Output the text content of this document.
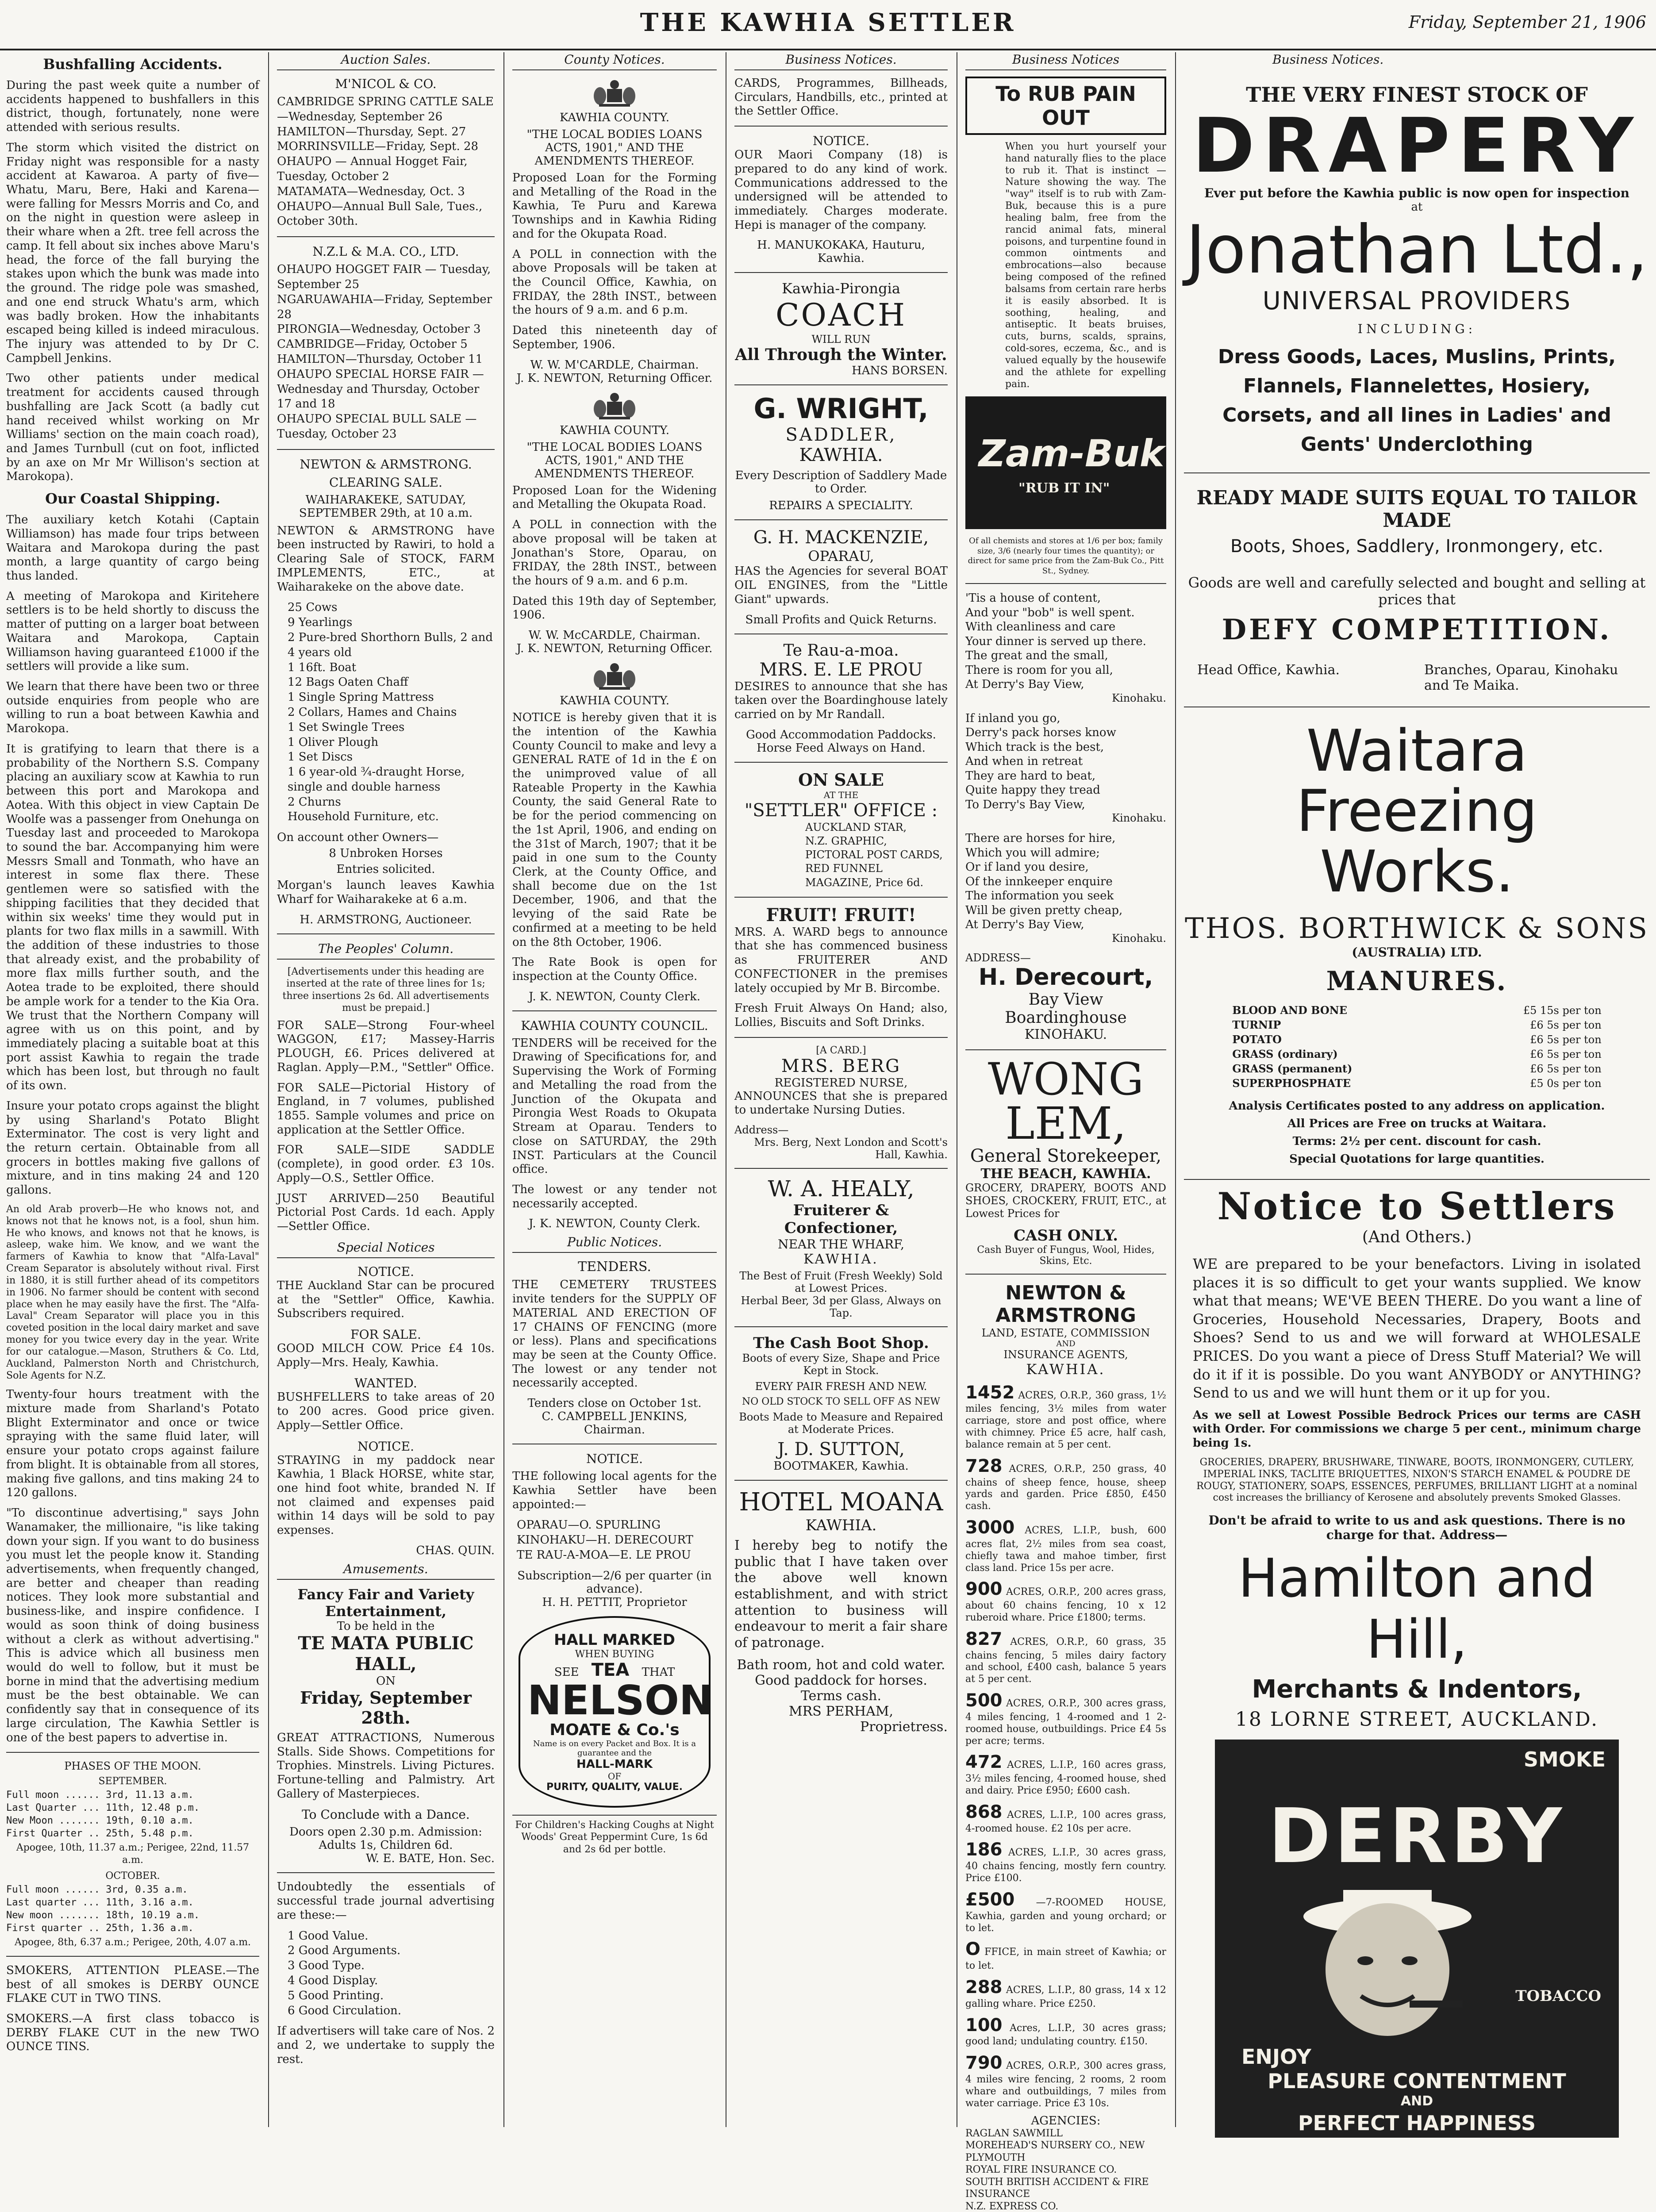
THE KAWHIA SETTLER	Friday, September 21, 1906
Bushfalling Accidents.

During the past week quite a number of accidents happened to bushfallers in this district, though, fortunately, none were attended with serious results.

The storm which visited the district on Friday night was responsible for a nasty accident at Kawaroa. A party of five—Whatu, Maru, Bere, Haki and Karena—were falling for Messrs Morris and Co, and on the night in question were asleep in their whare when a 2ft. tree fell across the camp. It fell about six inches above Maru's head, the force of the fall burying the stakes upon which the bunk was made into the ground. The ridge pole was smashed, and one end struck Whatu's arm, which was badly broken. How the inhabitants escaped being killed is indeed miraculous. The injury was attended to by Dr C. Campbell Jenkins.

Two other patients under medical treatment for accidents caused through bushfalling are Jack Scott (a badly cut hand received whilst working on Mr Williams' section on the main coach road), and James Turnbull (cut on foot, inflicted by an axe on Mr Mr Willison's section at Marokopa).

Our Coastal Shipping.

The auxiliary ketch Kotahi (Captain Williamson) has made four trips between Waitara and Marokopa during the past month, a large quantity of cargo being thus landed.

A meeting of Marokopa and Kiritehere settlers is to be held shortly to discuss the matter of putting on a larger boat between Waitara and Marokopa, Captain Williamson having guaranteed £1000 if the settlers will provide a like sum.

We learn that there have been two or three outside enquiries from people who are willing to run a boat between Kawhia and Marokopa.

It is gratifying to learn that there is a probability of the Northern S.S. Company placing an auxiliary scow at Kawhia to run between this port and Marokopa and Aotea. With this object in view Captain De Woolfe was a passenger from Onehunga on Tuesday last and proceeded to Marokopa to sound the bar. Accompanying him were Messrs Small and Tonmath, who have an interest in some flax there. These gentlemen were so satisfied with the shipping facilities that they decided that within six weeks' time they would put in plants for two flax mills in a sawmill. With the addition of these industries to those that already exist, and the probability of more flax mills further south, and the Aotea trade to be exploited, there should be ample work for a tender to the Kia Ora. We trust that the Northern Company will agree with us on this point, and by immediately placing a suitable boat at this port assist Kawhia to regain the trade which has been lost, but through no fault of its own.

Insure your potato crops against the blight by using Sharland's Potato Blight Exterminator. The cost is very light and the return certain. Obtainable from all grocers in bottles making five gallons of mixture, and in tins making 24 and 120 gallons.

An old Arab proverb—He who knows not, and knows not that he knows not, is a fool, shun him. He who knows, and knows not that he knows, is asleep, wake him. We know, and we want the farmers of Kawhia to know that "Alfa-Laval" Cream Separator is absolutely without rival. First in 1880, it is still further ahead of its competitors in 1906. No farmer should be content with second place when he may easily have the first. The "Alfa-Laval" Cream Separator will place you in this coveted position in the local dairy market and save money for you twice every day in the year. Write for our catalogue.—Mason, Struthers & Co. Ltd, Auckland, Palmerston North and Christchurch, Sole Agents for N.Z.

Twenty-four hours treatment with the mixture made from Sharland's Potato Blight Exterminator and once or twice spraying with the same fluid later, will ensure your potato crops against failure from blight. It is obtainable from all stores, making five gallons, and tins making 24 to 120 gallons.

"To discontinue advertising," says John Wanamaker, the millionaire, "is like taking down your sign. If you want to do business you must let the people know it. Standing advertisements, when frequently changed, are better and cheaper than reading notices. They look more substantial and business-like, and inspire confidence. I would as soon think of doing business without a clerk as without advertising." This is advice which all business men would do well to follow, but it must be borne in mind that the advertising medium must be the best obtainable. We can confidently say that in consequence of its large circulation, The Kawhia Settler is one of the best papers to advertise in.

PHASES OF THE MOON.
SEPTEMBER.
Full moon ...... 3rd, 11.13 a.m.
Last Quarter ... 11th, 12.48 p.m.
New Moon ....... 19th, 0.10 a.m.
First Quarter .. 25th, 5.48 p.m.
Apogee, 10th, 11.37 a.m.; Perigee, 22nd, 11.57 a.m.
OCTOBER.
Full moon ...... 3rd, 0.35 a.m.
Last quarter ... 11th, 3.16 a.m.
New moon ....... 18th, 10.19 a.m.
First quarter .. 25th, 1.36 a.m.
Apogee, 8th, 6.37 a.m.; Perigee, 20th, 4.07 a.m.

SMOKERS, ATTENTION PLEASE.—The best of all smokes is DERBY OUNCE FLAKE CUT in TWO TINS.

SMOKERS.—A first class tobacco is DERBY FLAKE CUT in the new TWO OUNCE TINS.

Auction Sales.
M'NICOL & CO.
CAMBRIDGE SPRING CATTLE SALE—Wednesday, September 26
HAMILTON—Thursday, Sept. 27
MORRINSVILLE—Friday, Sept. 28
OHAUPO — Annual Hogget Fair, Tuesday, October 2
MATAMATA—Wednesday, Oct. 3
OHAUPO—Annual Bull Sale, Tues., October 30th.
N.Z.L & M.A. CO., LTD.
OHAUPO HOGGET FAIR — Tuesday, September 25
NGARUAWAHIA—Friday, September 28
PIRONGIA—Wednesday, October 3
CAMBRIDGE—Friday, October 5
HAMILTON—Thursday, October 11
OHAUPO SPECIAL HORSE FAIR —Wednesday and Thursday, October 17 and 18
OHAUPO SPECIAL BULL SALE —Tuesday, October 23
NEWTON & ARMSTRONG.
CLEARING SALE.
WAIHARAKEKE, SATUDAY, SEPTEMBER 29th, at 10 a.m.

NEWTON & ARMSTRONG have been instructed by Rawiri, to hold a Clearing Sale of STOCK, FARM IMPLEMENTS, ETC., at Waiharakeke on the above date.

25 Cows
9 Yearlings
2 Pure-bred Shorthorn Bulls, 2 and 4 years old
1 16ft. Boat
12 Bags Oaten Chaff
1 Single Spring Mattress
2 Collars, Hames and Chains
1 Set Swingle Trees
1 Oliver Plough
1 Set Discs
1 6 year-old ¾-draught Horse, single and double harness
2 Churns
Household Furniture, etc.
On account other Owners—
8 Unbroken Horses
Entries solicited.

Morgan's launch leaves Kawhia Wharf for Waiharakeke at 6 a.m.

H. ARMSTRONG, Auctioneer.
The Peoples' Column.
[Advertisements under this heading are inserted at the rate of three lines for 1s; three insertions 2s 6d. All advertisements must be prepaid.]

FOR SALE—Strong Four-wheel WAGGON, £17; Massey-Harris PLOUGH, £6. Prices delivered at Raglan. Apply—P.M., "Settler" Office.

FOR SALE—Pictorial History of England, in 7 volumes, published 1855. Sample volumes and price on application at the Settler Office.

FOR SALE—SIDE SADDLE (complete), in good order. £3 10s. Apply—O.S., Settler Office.

JUST ARRIVED—250 Beautiful Pictorial Post Cards. 1d each. Apply—Settler Office.

Special Notices
NOTICE.

THE Auckland Star can be procured at the "Settler" Office, Kawhia. Subscribers required.

FOR SALE.

GOOD MILCH COW. Price £4 10s. Apply—Mrs. Healy, Kawhia.

WANTED.

BUSHFELLERS to take areas of 20 to 200 acres. Good price given. Apply—Settler Office.

NOTICE.

STRAYING in my paddock near Kawhia, 1 Black HORSE, white star, one hind foot white, branded N. If not claimed and expenses paid within 14 days will be sold to pay expenses.

CHAS. QUIN.
Amusements.
Fancy Fair and Variety Entertainment,
To be held in the
TE MATA PUBLIC HALL,
ON
Friday, September 28th.

GREAT ATTRACTIONS, Numerous Stalls. Side Shows. Competitions for Trophies. Minstrels. Living Pictures. Fortune-telling and Palmistry. Art Gallery of Masterpieces.

To Conclude with a Dance.
Doors open 2.30 p.m. Admission: Adults 1s, Children 6d.
W. E. BATE, Hon. Sec.

Undoubtedly the essentials of successful trade journal advertising are these:—

1 Good Value.
2 Good Arguments.
3 Good Type.
4 Good Display.
5 Good Printing.
6 Good Circulation.

If advertisers will take care of Nos. 2 and 2, we undertake to supply the rest.

County Notices.
KAWHIA COUNTY.
"THE LOCAL BODIES LOANS ACTS, 1901," AND THE AMENDMENTS THEREOF.

Proposed Loan for the Forming and Metalling of the Road in the Kawhia, Te Puru and Karewa Townships and in Kawhia Riding and for the Okupata Road.

A POLL in connection with the above Proposals will be taken at the Council Office, Kawhia, on FRIDAY, the 28th INST., between the hours of 9 a.m. and 6 p.m.

Dated this nineteenth day of September, 1906.

W. W. M'CARDLE, Chairman.
J. K. NEWTON, Returning Officer.
KAWHIA COUNTY.
"THE LOCAL BODIES LOANS ACTS, 1901," AND THE AMENDMENTS THEREOF.

Proposed Loan for the Widening and Metalling the Okupata Road.

A POLL in connection with the above proposal will be taken at Jonathan's Store, Oparau, on FRIDAY, the 28th INST., between the hours of 9 a.m. and 6 p.m.

Dated this 19th day of September, 1906.

W. W. McCARDLE, Chairman.
J. K. NEWTON, Returning Officer.
KAWHIA COUNTY.

NOTICE is hereby given that it is the intention of the Kawhia County Council to make and levy a GENERAL RATE of 1d in the £ on the unimproved value of all Rateable Property in the Kawhia County, the said General Rate to be for the period commencing on the 1st April, 1906, and ending on the 31st of March, 1907; that it be paid in one sum to the County Clerk, at the County Office, and shall become due on the 1st December, 1906, and that the levying of the said Rate be confirmed at a meeting to be held on the 8th October, 1906.

The Rate Book is open for inspection at the County Office.

J. K. NEWTON, County Clerk.
KAWHIA COUNTY COUNCIL.

TENDERS will be received for the Drawing of Specifications for, and Supervising the Work of Forming and Metalling the road from the Junction of the Okupata and Pirongia West Roads to Okupata Stream at Oparau. Tenders to close on SATURDAY, the 29th INST. Particulars at the Council office.

The lowest or any tender not necessarily accepted.

J. K. NEWTON, County Clerk.
Public Notices.
TENDERS.

THE CEMETERY TRUSTEES invite tenders for the SUPPLY OF MATERIAL AND ERECTION OF 17 CHAINS OF FENCING (more or less). Plans and specifications may be seen at the County Office. The lowest or any tender not necessarily accepted.

Tenders close on October 1st.
C. CAMPBELL JENKINS, Chairman.
NOTICE.

THE following local agents for the Kawhia Settler have been appointed:—

OPARAU—O. SPURLING
KINOHAKU—H. DERECOURT
TE RAU-A-MOA—E. LE PROU
Subscription—2/6 per quarter (in advance).
H. H. PETTIT, Proprietor
HALL MARKED
WHEN BUYING
SEE TEA THAT
NELSON
MOATE & Co.'s
Name is on every Packet and Box. It is a guarantee and the
HALL-MARK
OF
PURITY, QUALITY, VALUE.
For Children's Hacking Coughs at Night Woods' Great Peppermint Cure, 1s 6d and 2s 6d per bottle.
Business Notices.

CARDS, Programmes, Billheads, Circulars, Handbills, etc., printed at the Settler Office.

NOTICE.

OUR Maori Company (18) is prepared to do any kind of work. Communications addressed to the undersigned will be attended to immediately. Charges moderate. Hepi is manager of the company.

H. MANUKOKAKA, Hauturu, Kawhia.
Kawhia-Pirongia
COACH
WILL RUN
All Through the Winter.
HANS BORSEN.
G. WRIGHT,
SADDLER,
KAWHIA.
Every Description of Saddlery Made to Order.
REPAIRS A SPECIALITY.
G. H. MACKENZIE,
OPARAU,

HAS the Agencies for several BOAT OIL ENGINES, from the "Little Giant" upwards.

Small Profits and Quick Returns.
Te Rau-a-moa.
MRS. E. LE PROU

DESIRES to announce that she has taken over the Boardinghouse lately carried on by Mr Randall.

Good Accommodation Paddocks.
Horse Feed Always on Hand.
ON SALE
AT THE
"SETTLER" OFFICE :
AUCKLAND STAR,
N.Z. GRAPHIC,
PICTORAL POST CARDS,
RED FUNNEL MAGAZINE, Price 6d.
FRUIT! FRUIT!

MRS. A. WARD begs to announce that she has commenced business as FRUITERER AND CONFECTIONER in the premises lately occupied by Mr B. Bircombe.

Fresh Fruit Always On Hand; also, Lollies, Biscuits and Soft Drinks.

[A CARD.]
MRS. BERG
REGISTERED NURSE,

ANNOUNCES that she is prepared to undertake Nursing Duties.

Address—
Mrs. Berg, Next London and Scott's Hall, Kawhia.
W. A. HEALY,
Fruiterer & Confectioner,
NEAR THE WHARF,
KAWHIA.
The Best of Fruit (Fresh Weekly) Sold at Lowest Prices.
Herbal Beer, 3d per Glass, Always on Tap.
The Cash Boot Shop.
Boots of every Size, Shape and Price Kept in Stock.
EVERY PAIR FRESH AND NEW.
NO OLD STOCK TO SELL OFF AS NEW
Boots Made to Measure and Repaired at Moderate Prices.
J. D. SUTTON,
BOOTMAKER, Kawhia.
HOTEL MOANA
KAWHIA.

I hereby beg to notify the public that I have taken over the above well known establishment, and with strict attention to business will endeavour to merit a fair share of patronage.

Bath room, hot and cold water.
Good paddock for horses.
Terms cash.
MRS PERHAM,
Proprietress.
Business Notices
To RUB PAIN OUT

When you hurt yourself your hand naturally flies to the place to rub it. That is instinct — Nature showing the way. The "way" itself is to rub with Zam-Buk, because this is a pure healing balm, free from the rancid animal fats, mineral poisons, and turpentine found in common ointments and embrocations—also because being composed of the refined balsams from certain rare herbs it is easily absorbed. It is soothing, healing, and antiseptic. It beats bruises, cuts, burns, scalds, sprains, cold-sores, eczema, &c., and is valued equally by the housewife and the athlete for expelling pain.

Zam-Buk
"RUB IT IN"
Of all chemists and stores at 1/6 per box; family size, 3/6 (nearly four times the quantity); or direct for same price from the Zam-Buk Co., Pitt St., Sydney.
'Tis a house of content,
And your "bob" is well spent.
With cleanliness and care
Your dinner is served up there.
The great and the small,
There is room for you all,
At Derry's Bay View,
Kinohaku.
If inland you go,
Derry's pack horses know
Which track is the best,
And when in retreat
They are hard to beat,
Quite happy they tread
To Derry's Bay View,
Kinohaku.
There are horses for hire,
Which you will admire;
Or if land you desire,
Of the innkeeper enquire
The information you seek
Will be given pretty cheap,
At Derry's Bay View,
Kinohaku.
ADDRESS—
H. Derecourt,
Bay View Boardinghouse
KINOHAKU.
WONG LEM,
General Storekeeper,
THE BEACH, KAWHIA.

GROCERY, DRAPERY, BOOTS AND SHOES, CROCKERY, FRUIT, ETC., at Lowest Prices for

CASH ONLY.
Cash Buyer of Fungus, Wool, Hides, Skins, Etc.
NEWTON & ARMSTRONG
LAND, ESTATE, COMMISSION
AND
INSURANCE AGENTS,
KAWHIA.

1452 ACRES, O.R.P., 360 grass, 1½ miles fencing, 3½ miles from water carriage, store and post office, where with chimney. Price £5 acre, half cash, balance remain at 5 per cent.

728 ACRES, O.R.P., 250 grass, 40 chains of sheep fence, house, sheep yards and garden. Price £850, £450 cash.

3000 ACRES, L.I.P., bush, 600 acres flat, 2½ miles from sea coast, chiefly tawa and mahoe timber, first class land. Price 15s per acre.

900 ACRES, O.R.P., 200 acres grass, about 60 chains fencing, 10 x 12 ruberoid whare. Price £1800; terms.

827 ACRES, O.R.P., 60 grass, 35 chains fencing, 5 miles dairy factory and school, £400 cash, balance 5 years at 5 per cent.

500 ACRES, O.R.P., 300 acres grass, 4 miles fencing, 1 4-roomed and 1 2-roomed house, outbuildings. Price £4 5s per acre; terms.

472 ACRES, L.I.P., 160 acres grass, 3½ miles fencing, 4-roomed house, shed and dairy. Price £950; £600 cash.

868 ACRES, L.I.P., 100 acres grass, 4-roomed house. £2 10s per acre.

186 ACRES, L.I.P., 30 acres grass, 40 chains fencing, mostly fern country. Price £100.

£500 —7-ROOMED HOUSE, Kawhia, garden and young orchard; or to let.

O FFICE, in main street of Kawhia; or to let.

288 ACRES, L.I.P., 80 grass, 14 x 12 galling whare. Price £250.

100 Acres, L.I.P., 30 acres grass; good land; undulating country. £150.

790 ACRES, O.R.P., 300 acres grass, 4 miles wire fencing, 2 rooms, 2 room whare and outbuildings, 7 miles from water carriage. Price £3 10s.

AGENCIES:
RAGLAN SAWMILL
MOREHEAD'S NURSERY CO., NEW PLYMOUTH
ROYAL FIRE INSURANCE CO.
SOUTH BRITISH ACCIDENT & FIRE INSURANCE
N.Z. EXPRESS CO.
Business Notices.
THE VERY FINEST STOCK OF
DRAPERY
Ever put before the Kawhia public is now open for inspection
at
Jonathan Ltd.,
UNIVERSAL PROVIDERS
INCLUDING:
Dress Goods, Laces, Muslins, Prints, Flannels, Flannelettes, Hosiery, Corsets, and all lines in Ladies' and Gents' Underclothing
READY MADE SUITS EQUAL TO TAILOR MADE
Boots, Shoes, Saddlery, Ironmongery, etc.
Goods are well and carefully selected and bought and selling at prices that
DEFY COMPETITION.
Head Office, Kawhia.	Branches, Oparau, Kinohaku and Te Maika.
Waitara Freezing
Works.
THOS. BORTHWICK & SONS
(AUSTRALIA) LTD.
MANURES.
BLOOD AND BONE	£5 15s per ton
TURNIP	£6 5s per ton
POTATO	£6 5s per ton
GRASS (ordinary)	£6 5s per ton
GRASS (permanent)	£6 5s per ton
SUPERPHOSPHATE	£5 0s per ton
Analysis Certificates posted to any address on application.
All Prices are Free on trucks at Waitara.
Terms: 2½ per cent. discount for cash.
Special Quotations for large quantities.
Notice to Settlers
(And Others.)

WE are prepared to be your benefactors. Living in isolated places it is so difficult to get your wants supplied. We know what that means; WE'VE BEEN THERE. Do you want a line of Groceries, Household Necessaries, Drapery, Boots and Shoes? Send to us and we will forward at WHOLESALE PRICES. Do you want a piece of Dress Stuff Material? We will do it if it is possible. Do you want ANYBODY or ANYTHING? Send to us and we will hunt them or it up for you.

As we sell at Lowest Possible Bedrock Prices our terms are CASH with Order. For commissions we charge 5 per cent., minimum charge being 1s.

GROCERIES, DRAPERY, BRUSHWARE, TINWARE, BOOTS, IRONMONGERY, CUTLERY, IMPERIAL INKS, TACLITE BRIQUETTES, NIXON'S STARCH ENAMEL & POUDRE DE ROUGY, STATIONERY, SOAPS, ESSENCES, PERFUMES, BRILLIANT LIGHT at a nominal cost increases the brilliancy of Kerosene and absolutely prevents Smoked Glasses.

Don't be afraid to write to us and ask questions. There is no charge for that. Address—
Hamilton and Hill,
Merchants & Indentors,
18 LORNE STREET, AUCKLAND.
SMOKE
DERBY
TOBACCO
ENJOY
PLEASURE CONTENTMENT
AND
PERFECT HAPPINESS
